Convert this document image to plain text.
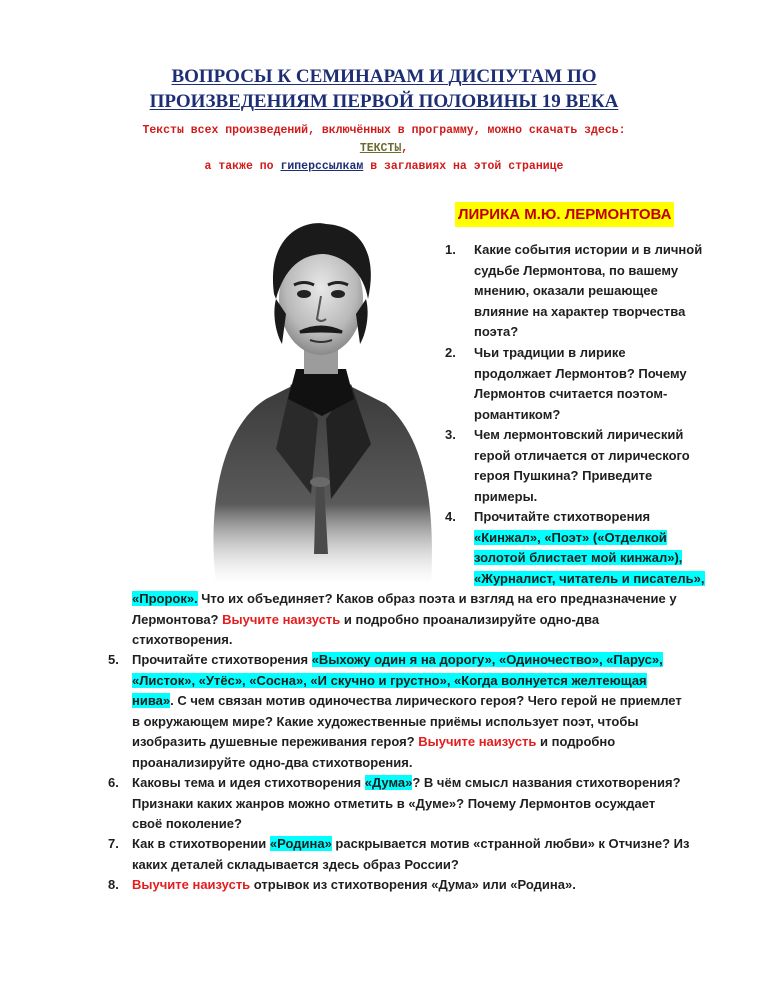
ВОПРОСЫ К СЕМИНАРАМ И ДИСПУТАМ ПО
ПРОИЗВЕДЕНИЯМ ПЕРВОЙ ПОЛОВИНЫ 19 ВЕКА
Тексты всех произведений, включённых в программу, можно скачать здесь:
ТЕКСТЫ,
а также по гиперссылкам в заглавиях на этой странице
ЛИРИКА М.Ю. ЛЕРМОНТОВА
1. Какие события истории и в личной
судьбе Лермонтова, по вашему
мнению, оказали решающее
влияние на характер творчества
поэта?
2. Чьи традиции в лирике
продолжает Лермонтов? Почему
Лермонтов считается поэтом-
романтиком?
3. Чем лермонтовский лирический
герой отличается от лирического
героя Пушкина? Приведите
примеры.
4. Прочитайте стихотворения
«Кинжал», «Поэт» («Отделкой
золотой блистает мой кинжал»),
«Журналист, читатель и писатель»,
«Пророк». Что их объединяет? Каков образ поэта и взгляд на его предназначение у
Лермонтова? Выучите наизусть и подробно проанализируйте одно-два
стихотворения.
5. Прочитайте стихотворения «Выхожу один я на дорогу», «Одиночество», «Парус»,
«Листок», «Утёс», «Сосна», «И скучно и грустно», «Когда волнуется желтеющая
нива». С чем связан мотив одиночества лирического героя? Чего герой не приемлет
в окружающем мире? Какие художественные приёмы использует поэт, чтобы
изобразить душевные переживания героя? Выучите наизусть и подробно
проанализируйте одно-два стихотворения.
6. Каковы тема и идея стихотворения «Дума»? В чём смысл названия стихотворения?
Признаки каких жанров можно отметить в «Думе»? Почему Лермонтов осуждает
своё поколение?
7. Как в стихотворении «Родина» раскрывается мотив «странной любви» к Отчизне? Из
каких деталей складывается здесь образ России?
8. Выучите наизусть отрывок из стихотворения «Дума» или «Родина».
